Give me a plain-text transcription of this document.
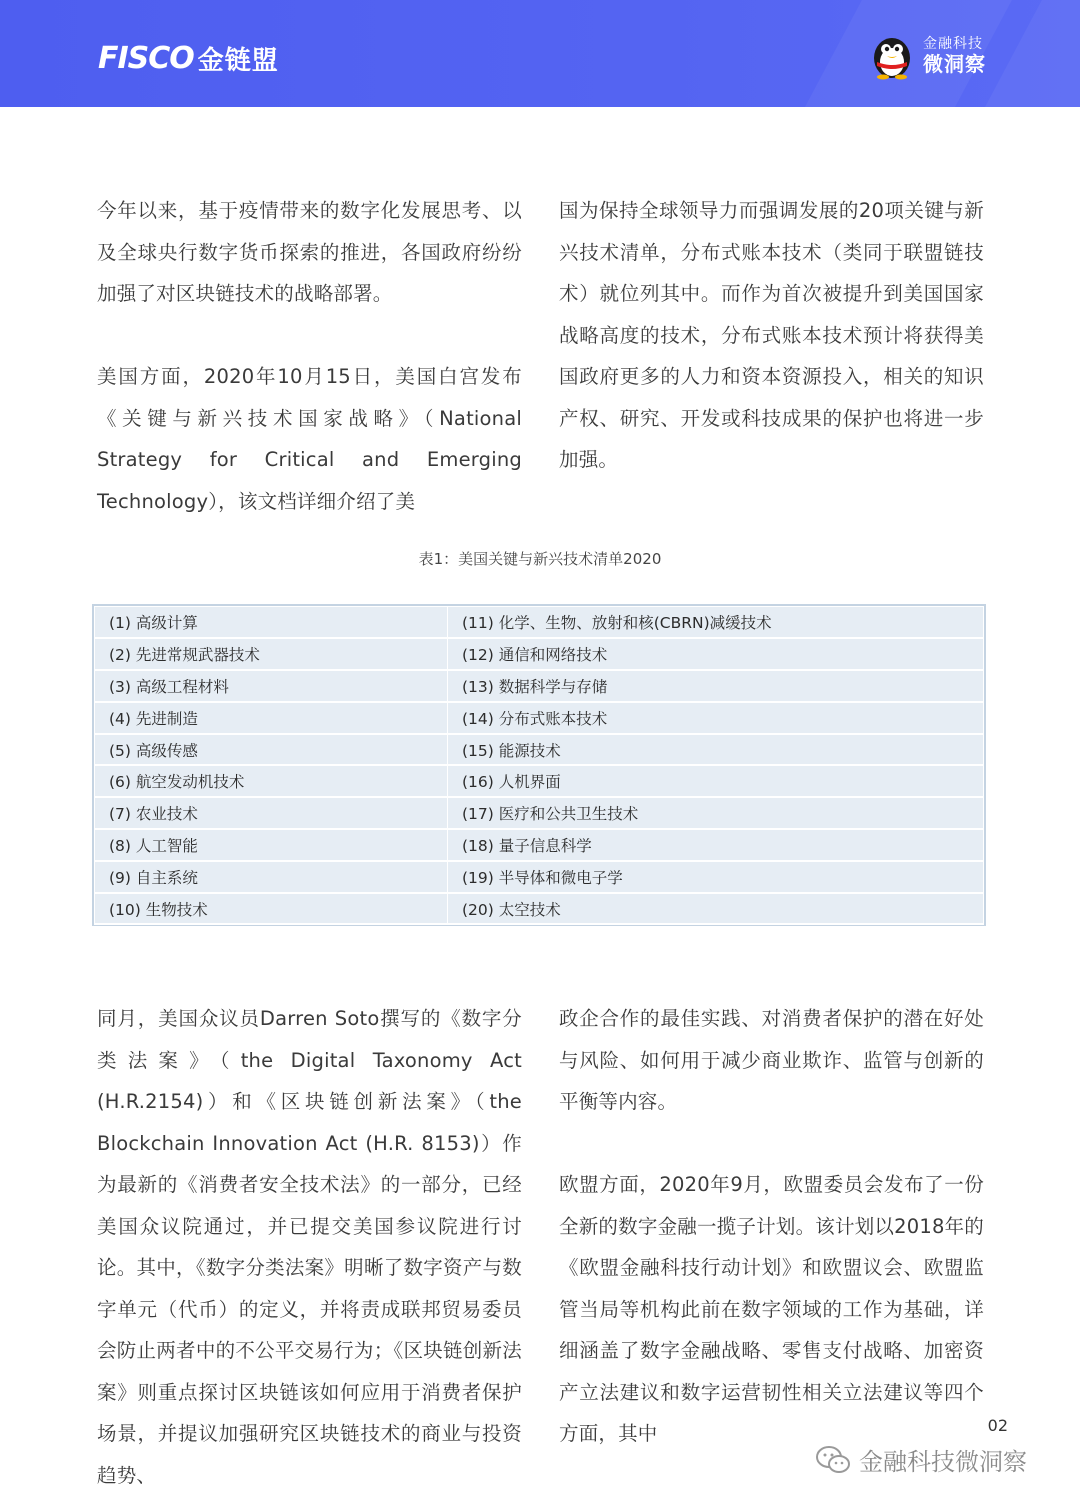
FISCO 金链盟
金融科技
微洞察

今年以来，基于疫情带来的数字化发展思考、以及全球央行数字货币探索的推进，各国政府纷纷加强了对区块链技术的战略部署。

美国方面，2020年10月15日，美国白宫发布《关键与新兴技术国家战略》（National Strategy for Critical and Emerging Technology），该文档详细介绍了美

国为保持全球领导力而强调发展的20项关键与新兴技术清单，分布式账本技术（类同于联盟链技术）就位列其中。而作为首次被提升到美国国家战略高度的技术，分布式账本技术预计将获得美国政府更多的人力和资本资源投入，相关的知识产权、研究、开发或科技成果的保护也将进一步加强。

表1：美国关键与新兴技术清单2020
(1) 高级计算	(11) 化学、生物、放射和核(CBRN)减缓技术
(2) 先进常规武器技术	(12) 通信和网络技术
(3) 高级工程材料	(13) 数据科学与存储
(4) 先进制造	(14) 分布式账本技术
(5) 高级传感	(15) 能源技术
(6) 航空发动机技术	(16) 人机界面
(7) 农业技术	(17) 医疗和公共卫生技术
(8) 人工智能	(18) 量子信息科学
(9) 自主系统	(19) 半导体和微电子学
(10) 生物技术	(20) 太空技术

同月，美国众议员Darren Soto撰写的《数字分类法案》（the Digital Taxonomy Act (H.R.2154)）和《区块链创新法案》（the Blockchain Innovation Act (H.R. 8153)）作为最新的《消费者安全技术法》的一部分，已经美国众议院通过，并已提交美国参议院进行讨论。其中，《数字分类法案》明晰了数字资产与数字单元（代币）的定义，并将责成联邦贸易委员会防止两者中的不公平交易行为；《区块链创新法案》则重点探讨区块链该如何应用于消费者保护场景，并提议加强研究区块链技术的商业与投资趋势、

政企合作的最佳实践、对消费者保护的潜在好处与风险、如何用于减少商业欺诈、监管与创新的平衡等内容。

欧盟方面，2020年9月，欧盟委员会发布了一份全新的数字金融一揽子计划。该计划以2018年的《欧盟金融科技行动计划》和欧盟议会、欧盟监管当局等机构此前在数字领域的工作为基础，详细涵盖了数字金融战略、零售支付战略、加密资产立法建议和数字运营韧性相关立法建议等四个方面，其中	02
金融科技微洞察
